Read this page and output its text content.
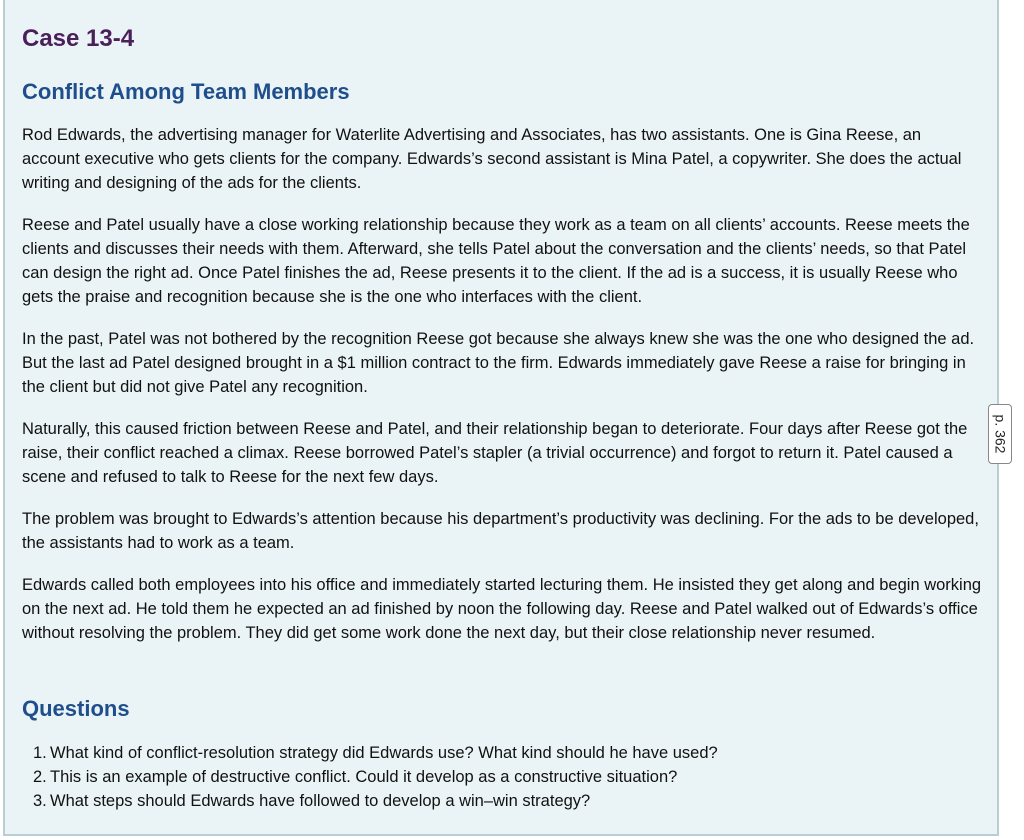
Case 13-4
Conflict Among Team Members

Rod Edwards, the advertising manager for Waterlite Advertising and Associates, has two assistants. One is Gina Reese, an account executive who gets clients for the company. Edwards’s second assistant is Mina Patel, a copywriter. She does the actual writing and designing of the ads for the clients.

Reese and Patel usually have a close working relationship because they work as a team on all clients’ accounts. Reese meets the clients and discusses their needs with them. Afterward, she tells Patel about the conversation and the clients’ needs, so that Patel can design the right ad. Once Patel finishes the ad, Reese presents it to the client. If the ad is a success, it is usually Reese who gets the praise and recognition because she is the one who interfaces with the client.

In the past, Patel was not bothered by the recognition Reese got because she always knew she was the one who designed the ad. But the last ad Patel designed brought in a $1 million contract to the firm. Edwards immediately gave Reese a raise for bringing in the client but did not give Patel any recognition.

Naturally, this caused friction between Reese and Patel, and their relationship began to deteriorate. Four days after Reese got the raise, their conflict reached a climax. Reese borrowed Patel’s stapler (a trivial occurrence) and forgot to return it. Patel caused a scene and refused to talk to Reese for the next few days.

The problem was brought to Edwards’s attention because his department’s productivity was declining. For the ads to be developed, the assistants had to work as a team.

Edwards called both employees into his office and immediately started lecturing them. He insisted they get along and begin working on the next ad. He told them he expected an ad finished by noon the following day. Reese and Patel walked out of Edwards’s office without resolving the problem. They did get some work done the next day, but their close relationship never resumed.

Questions
1. What kind of conflict-resolution strategy did Edwards use? What kind should he have used?
2. This is an example of destructive conflict. Could it develop as a constructive situation?
3. What steps should Edwards have followed to develop a win–win strategy?
p. 362
